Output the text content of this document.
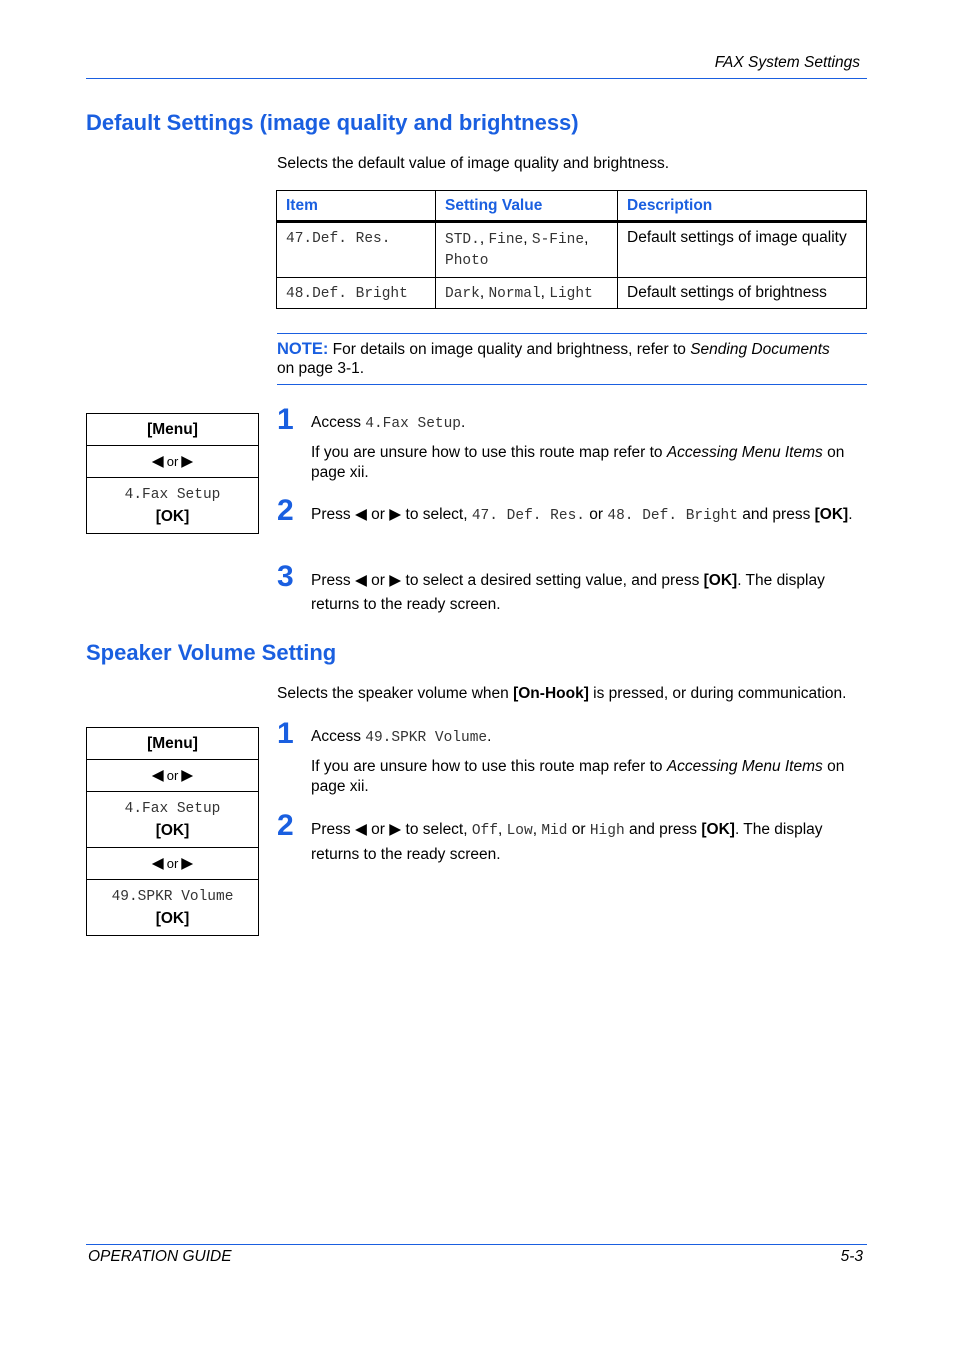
FAX System Settings
Default Settings (image quality and brightness)
Selects the default value of image quality and brightness.
Item	Setting Value	Description
47.Def. Res.	STD., Fine, S-Fine, Photo	Default settings of image quality
48.Def. Bright	Dark, Normal, Light	Default settings of brightness
NOTE: For details on image quality and brightness, refer to Sending Documents
on page 3-1.
[Menu]
◀ or ▶
4.Fax Setup
[OK]
1 Access 4.Fax Setup.
If you are unsure how to use this route map refer to Accessing Menu Items on page xii.
2 Press ◀ or ▶ to select, 47. Def. Res. or 48. Def. Bright and press [OK].
3 Press ◀ or ▶ to select a desired setting value, and press [OK]. The display returns to the ready screen.
Speaker Volume Setting
Selects the speaker volume when [On-Hook] is pressed, or during communication.
[Menu]
◀ or ▶
4.Fax Setup
[OK]
◀ or ▶
49.SPKR Volume
[OK]
1 Access 49.SPKR Volume.
If you are unsure how to use this route map refer to Accessing Menu Items on page xii.
2 Press ◀ or ▶ to select, Off, Low, Mid or High and press [OK]. The display returns to the ready screen.
OPERATION GUIDE	5-3
